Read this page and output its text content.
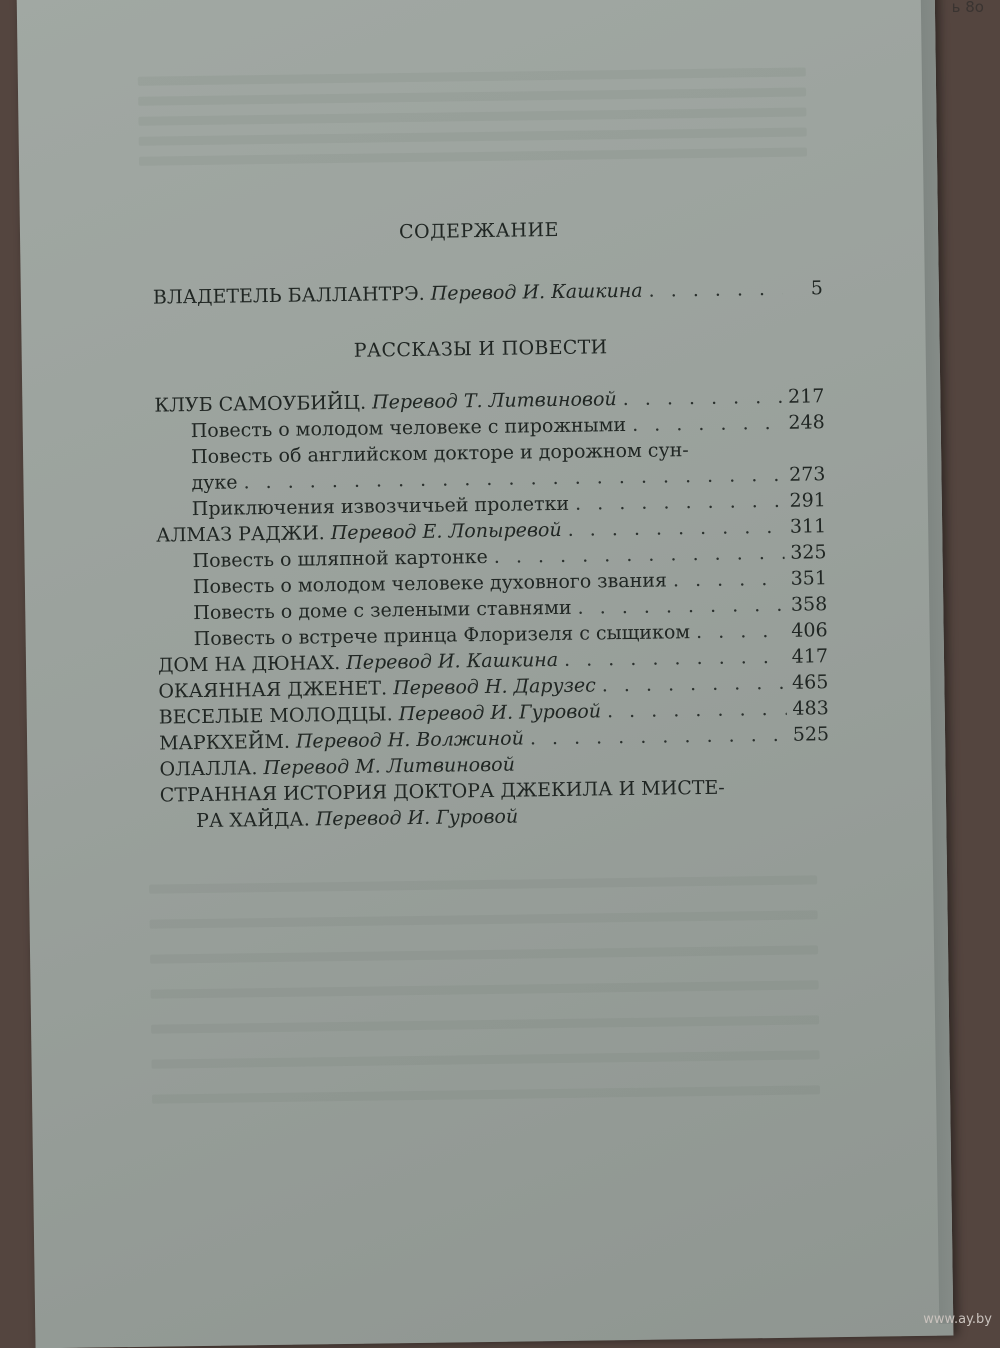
СОДЕРЖАНИЕ
ВЛАДЕТЕЛЬ БАЛЛАНТРЭ. Перевод И. Кашкина . . .	5
РАССКАЗЫ И ПОВЕСТИ
КЛУБ САМОУБИЙЦ. Перевод Т. Литвиновой . . .	217
Повесть о молодом человеке с пирожными . . .	248
Повесть об английском докторе и дорожном сун-
дуке . . .	273
Приключения извозчичьей пролетки . . .	291
АЛМАЗ РАДЖИ. Перевод Е. Лопыревой . . .	311
Повесть о шляпной картонке . . .	325
Повесть о молодом человеке духовного звания . . .	351
Повесть о доме с зелеными ставнями . . .	358
Повесть о встрече принца Флоризеля с сыщиком . . .	406
ДОМ НА ДЮНАХ. Перевод И. Кашкина . . .	417
ОКАЯННАЯ ДЖЕНЕТ. Перевод Н. Дарузес . . .	465
ВЕСЕЛЫЕ МОЛОДЦЫ. Перевод И. Гуровой . . .	483
МАРКХЕЙМ. Перевод Н. Волжиной . . .	525
ОЛАЛЛА. Перевод М. Литвиновой
СТРАННАЯ ИСТОРИЯ ДОКТОРА ДЖЕКИЛА И МИСТЕ-
РА ХАЙДА. Перевод И. Гуровой
ь 8о
www.ay.by
